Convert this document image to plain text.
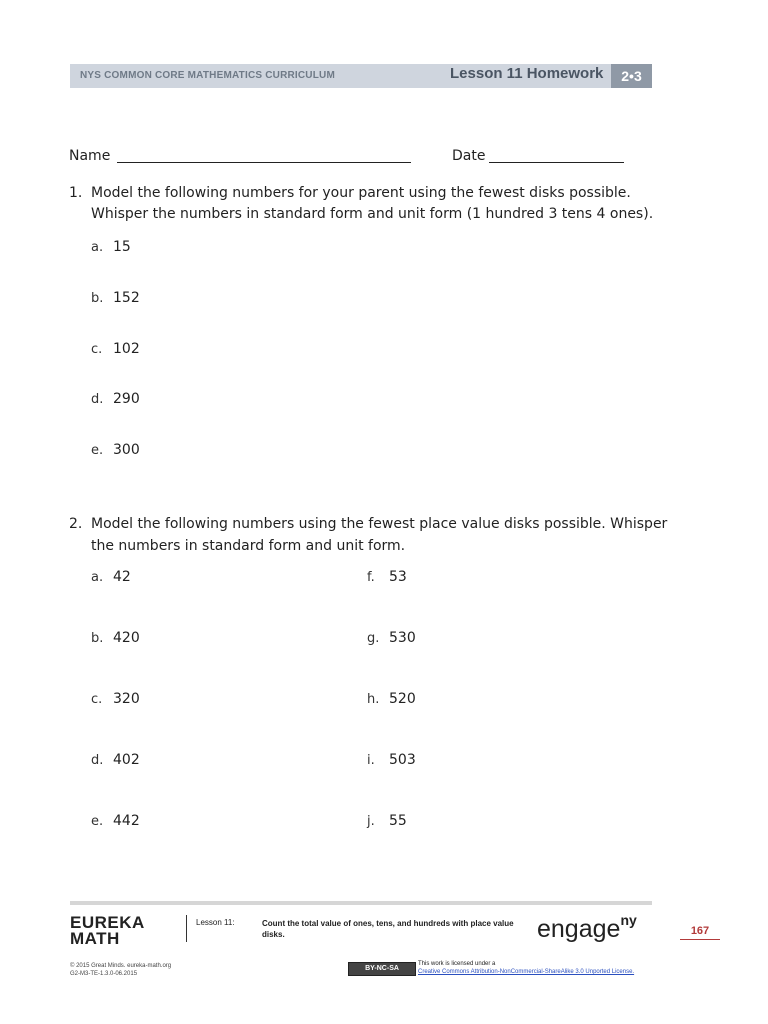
NYS COMMON CORE MATHEMATICS CURRICULUM	Lesson 11 Homework	2•3
Name	Date
1. Model the following numbers for your parent using the fewest disks possible.
Whisper the numbers in standard form and unit form (1 hundred 3 tens 4 ones).
a. 15
b. 152
c. 102
d. 290
e. 300
2. Model the following numbers using the fewest place value disks possible. Whisper
the numbers in standard form and unit form.
a. 42
b. 420
c. 320
d. 402
e. 442
f. 53
g. 530
h. 520
i. 503
j. 55
EUREKA
MATH
Lesson 11:	Count the total value of ones, tens, and hundreds with place value disks.	engage$^{ny}$
167
© 2015 Great Minds. eureka-math.org
G2-M3-TE-1.3.0-06.2015
BY-NC-SA
This work is licensed under a
Creative Commons Attribution-NonCommercial-ShareAlike 3.0 Unported License.
